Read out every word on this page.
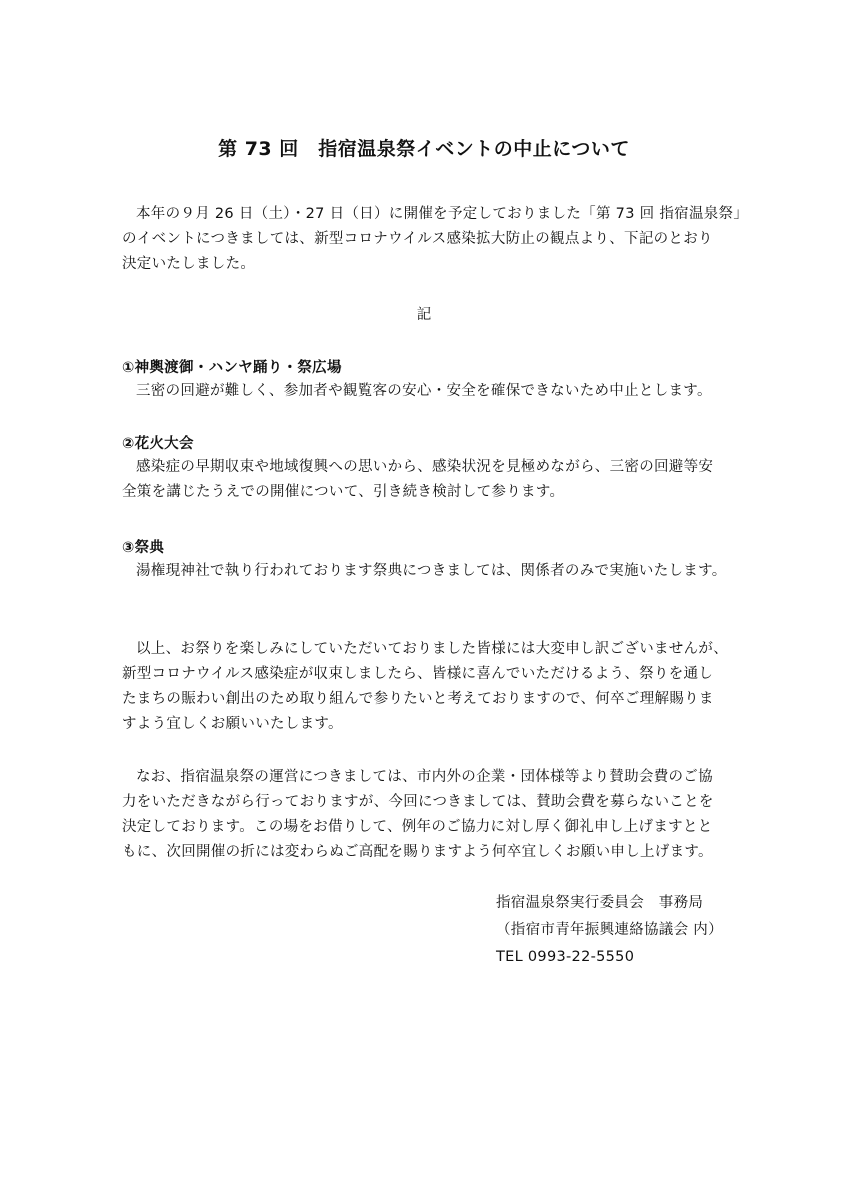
第 73 回　指宿温泉祭イベントの中止について
本年の９月 26 日（土）・27 日（日）に開催を予定しておりました「第 73 回 指宿温泉祭」
のイベントにつきましては、新型コロナウイルス感染拡大防止の観点より、下記のとおり
決定いたしました。
記
①神輿渡御・ハンヤ踊り・祭広場
三密の回避が難しく、参加者や観覧客の安心・安全を確保できないため中止とします。
②花火大会
感染症の早期収束や地域復興への思いから、感染状況を見極めながら、三密の回避等安
全策を講じたうえでの開催について、引き続き検討して参ります。
③祭典
湯権現神社で執り行われております祭典につきましては、関係者のみで実施いたします。
以上、お祭りを楽しみにしていただいておりました皆様には大変申し訳ございませんが、
新型コロナウイルス感染症が収束しましたら、皆様に喜んでいただけるよう、祭りを通し
たまちの賑わい創出のため取り組んで参りたいと考えておりますので、何卒ご理解賜りま
すよう宜しくお願いいたします。
なお、指宿温泉祭の運営につきましては、市内外の企業・団体様等より賛助会費のご協
力をいただきながら行っておりますが、今回につきましては、賛助会費を募らないことを
決定しております。この場をお借りして、例年のご協力に対し厚く御礼申し上げますとと
もに、次回開催の折には変わらぬご高配を賜りますよう何卒宜しくお願い申し上げます。
指宿温泉祭実行委員会　事務局
（指宿市青年振興連絡協議会 内）
TEL 0993-22-5550
